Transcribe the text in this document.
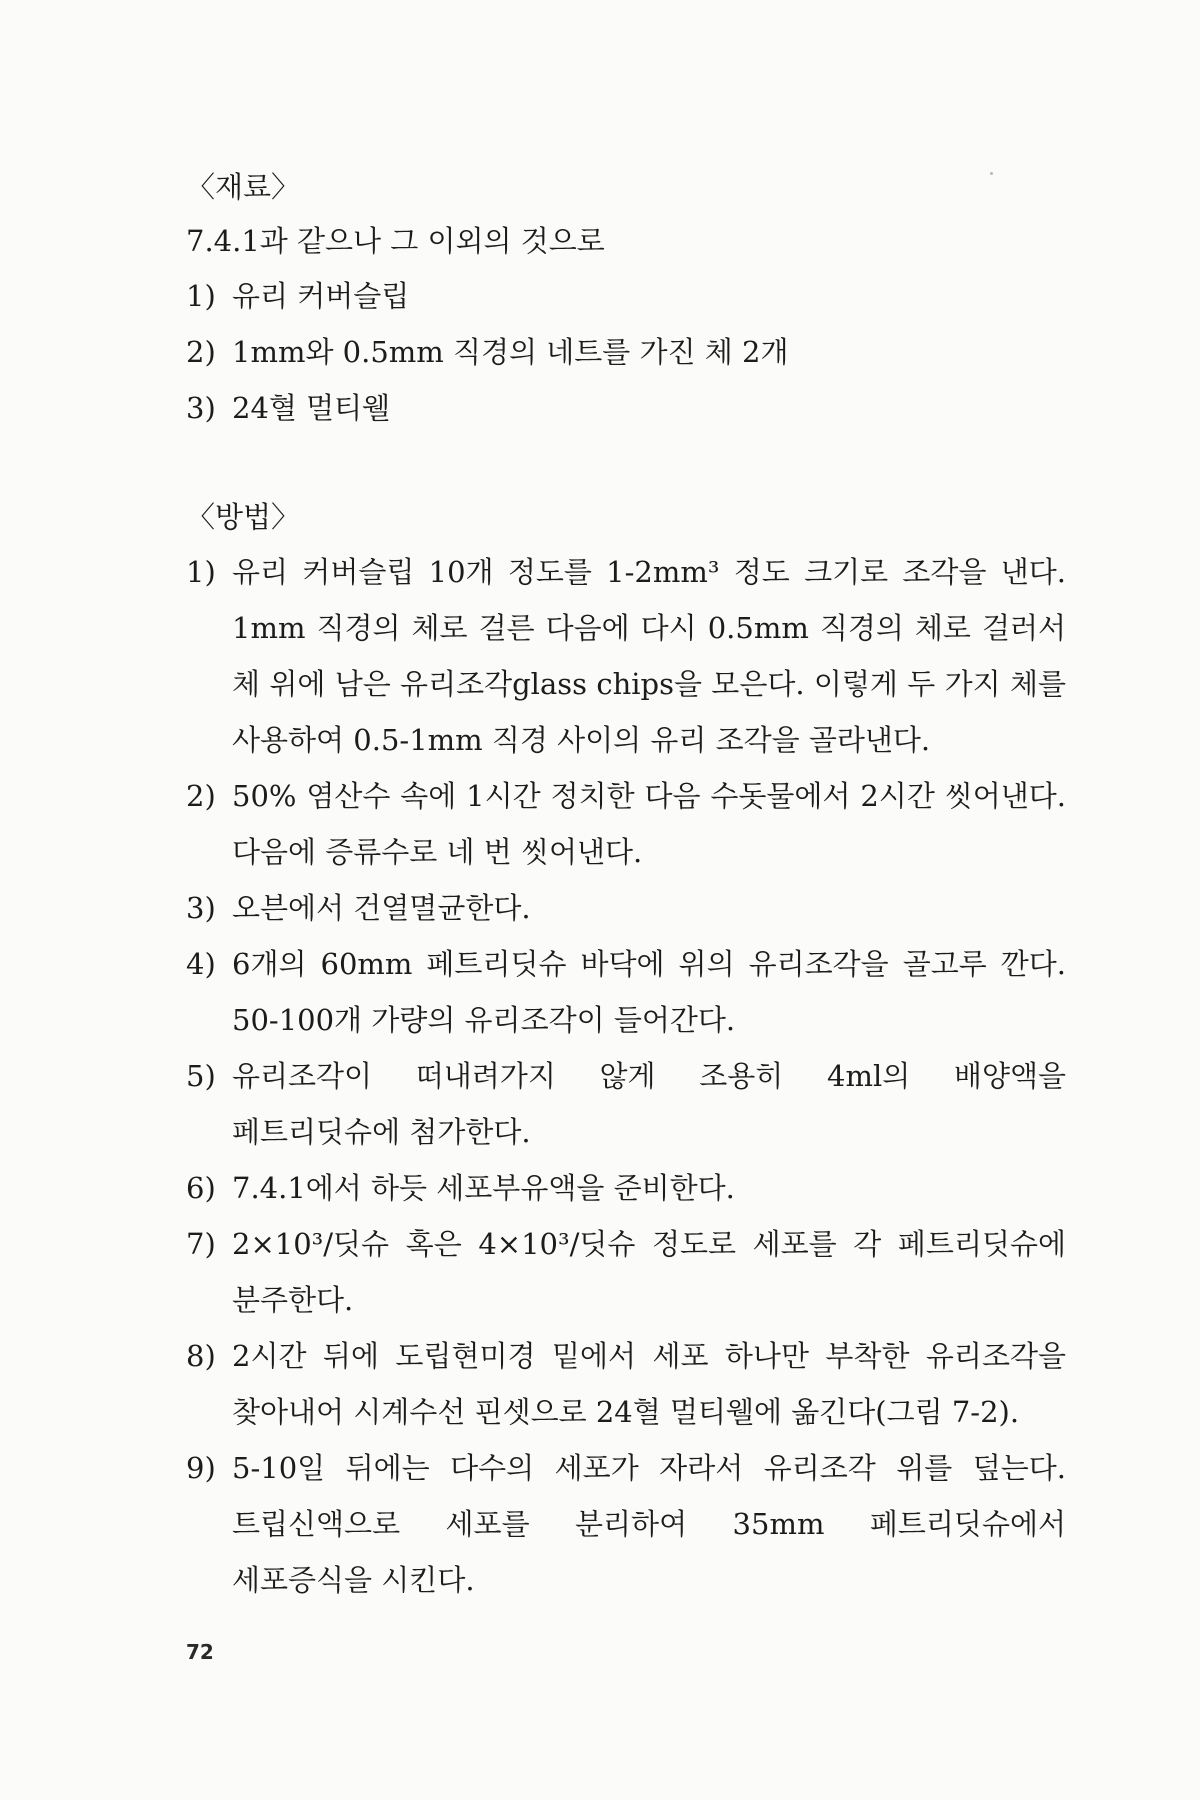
〈재료〉
7.4.1과 같으나 그 이외의 것으로
1) 유리 커버슬립
2) 1mm와 0.5mm 직경의 네트를 가진 체 2개
3) 24혈 멀티웰
〈방법〉
1) 유리 커버슬립 10개 정도를 1-2mm³ 정도 크기로 조각을 낸다. 1mm 직경의 체로 걸른 다음에 다시 0.5mm 직경의 체로 걸러서 체 위에 남은 유리조각glass chips을 모은다. 이렇게 두 가지 체를 사용하여 0.5-1mm 직경 사이의 유리 조각을 골라낸다.
2) 50% 염산수 속에 1시간 정치한 다음 수돗물에서 2시간 씻어낸다. 다음에 증류수로 네 번 씻어낸다.
3) 오븐에서 건열멸균한다.
4) 6개의 60mm 페트리딧슈 바닥에 위의 유리조각을 골고루 깐다. 50-100개 가량의 유리조각이 들어간다.
5) 유리조각이 떠내려가지 않게 조용히 4ml의 배양액을 페트리딧슈에 첨가한다.
6) 7.4.1에서 하듯 세포부유액을 준비한다.
7) 2×10³/딧슈 혹은 4×10³/딧슈 정도로 세포를 각 페트리딧슈에 분주한다.
8) 2시간 뒤에 도립현미경 밑에서 세포 하나만 부착한 유리조각을 찾아내어 시계수선 핀셋으로 24혈 멀티웰에 옮긴다(그림 7-2).
9) 5-10일 뒤에는 다수의 세포가 자라서 유리조각 위를 덮는다. 트립신액으로 세포를 분리하여 35mm 페트리딧슈에서 세포증식을 시킨다.
72
